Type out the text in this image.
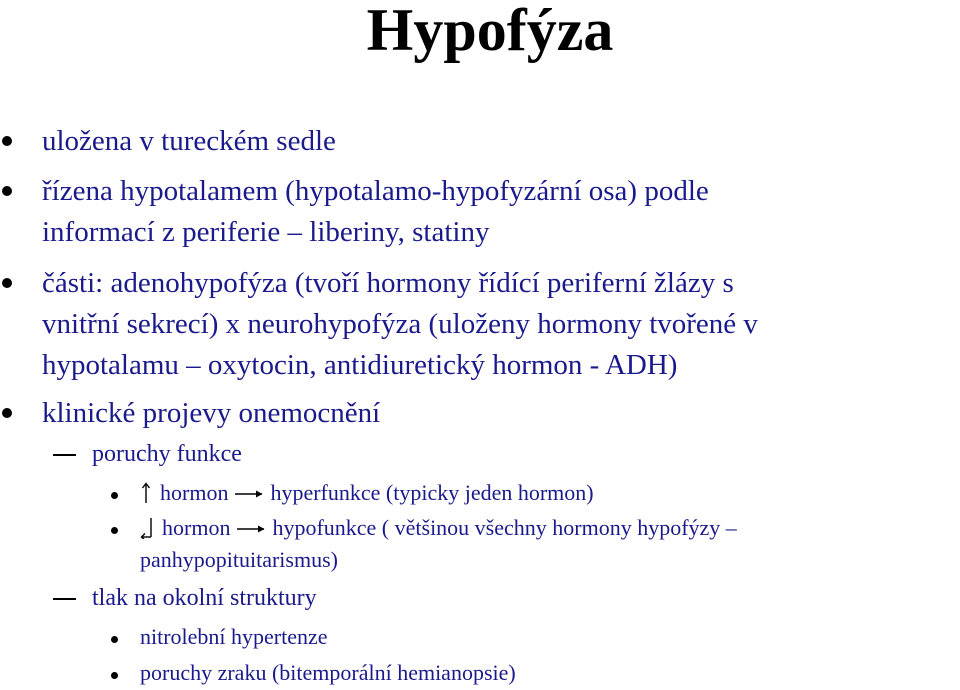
Hypofýza
uložena v tureckém sedle
řízena hypotalamem (hypotalamo-hypofyzární osa) podle
informací z periferie – liberiny, statiny
části: adenohypofýza (tvoří hormony řídící periferní žlázy s
vnitřní sekrecí) x neurohypofýza (uloženy hormony tvořené v
hypotalamu – oxytocin, antidiuretický hormon - ADH)
klinické projevy onemocnění
poruchy funkce
hormon hyperfunkce (typicky jeden hormon)
hormon hypofunkce ( většinou všechny hormony hypofýzy –
panhypopituitarismus)
tlak na okolní struktury
nitrolební hypertenze
poruchy zraku (bitemporální hemianopsie)
